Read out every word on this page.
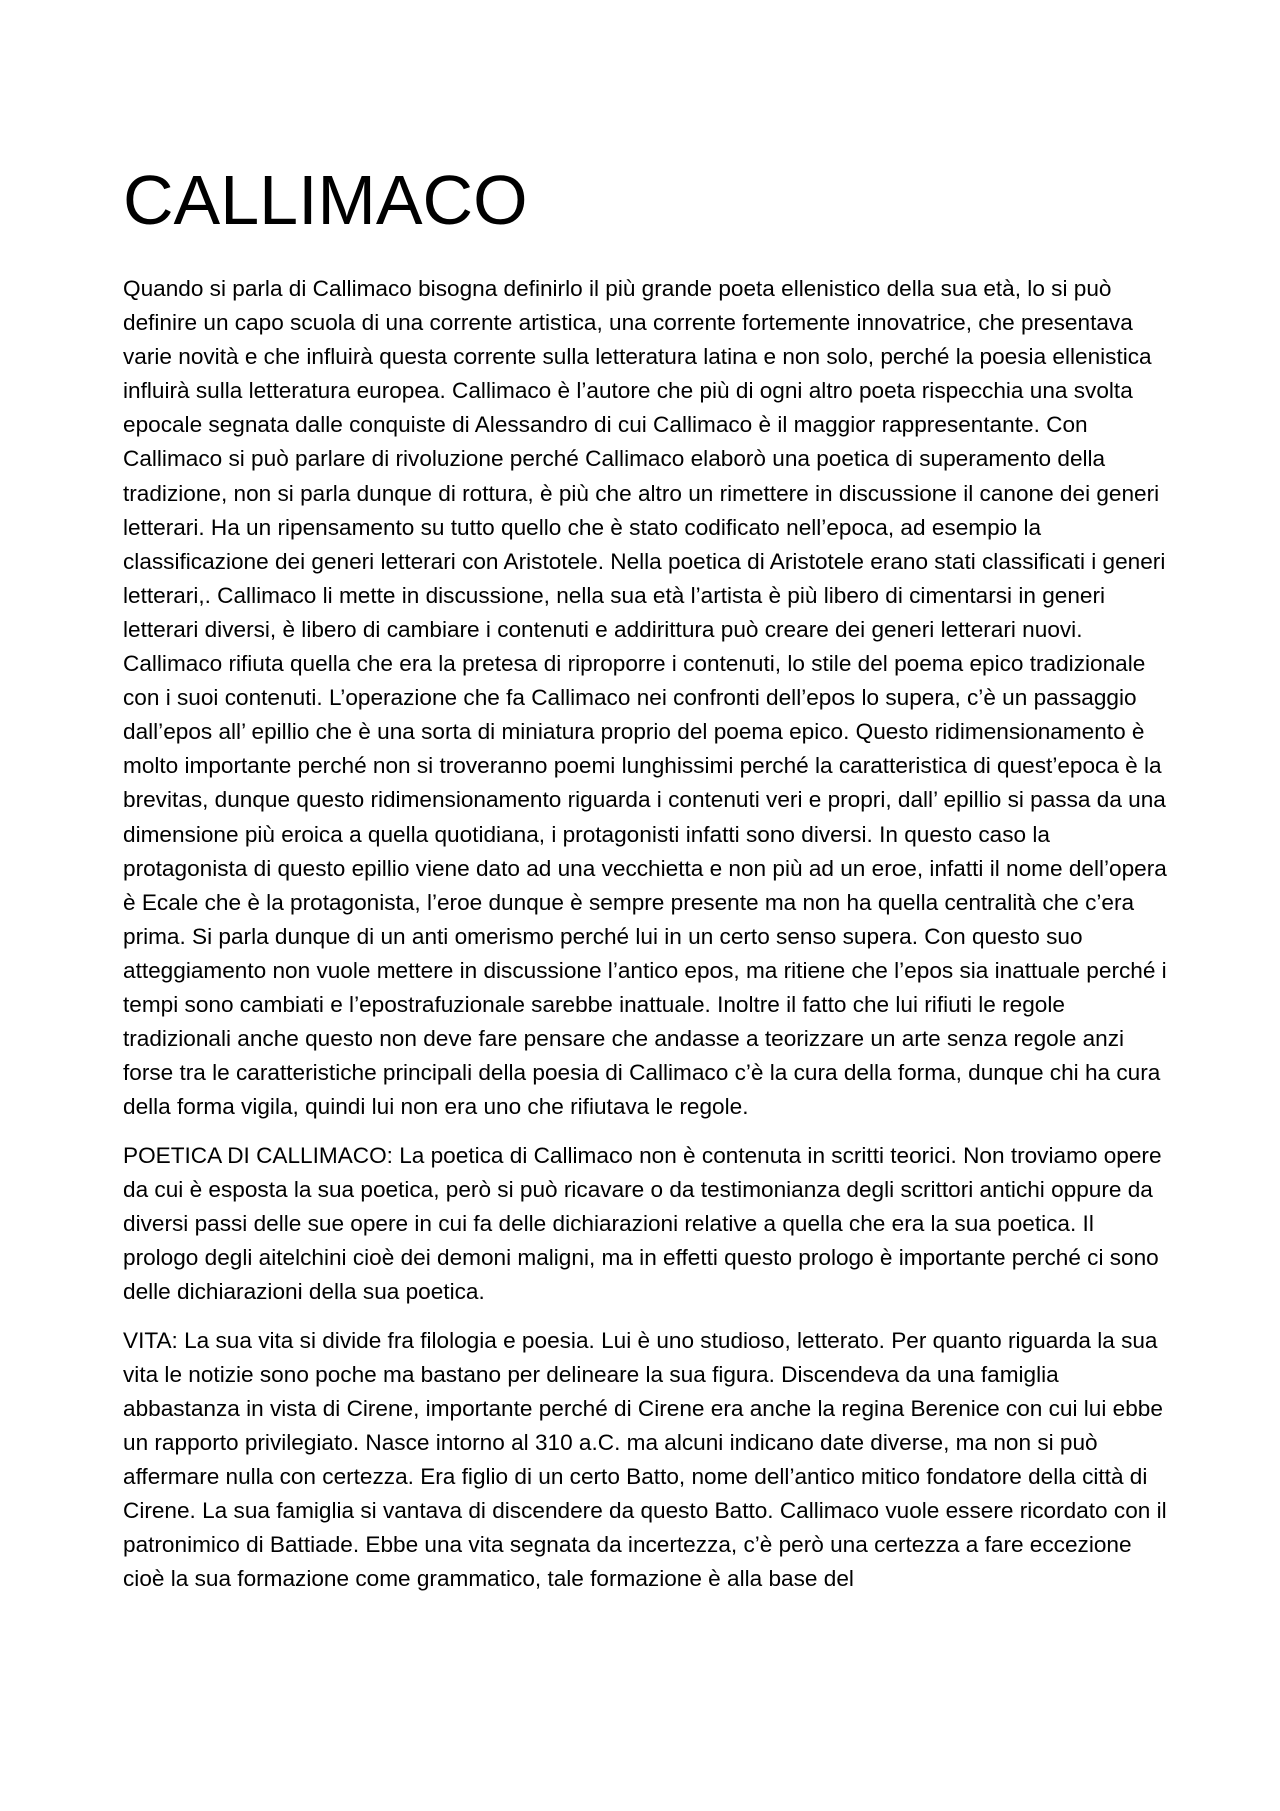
CALLIMACO

Quando si parla di Callimaco bisogna definirlo il più grande poeta ellenistico della sua età, lo si può definire un capo scuola di una corrente artistica, una corrente fortemente innovatrice, che presentava varie novità e che influirà questa corrente sulla letteratura latina e non solo, perché la poesia ellenistica influirà sulla letteratura europea. Callimaco è l’autore che più di ogni altro poeta rispecchia una svolta epocale segnata dalle conquiste di Alessandro di cui Callimaco è il maggior rappresentante. Con Callimaco si può parlare di rivoluzione perché Callimaco elaborò una poetica di superamento della tradizione, non si parla dunque di rottura, è più che altro un rimettere in discussione il canone dei generi letterari. Ha un ripensamento su tutto quello che è stato codificato nell’epoca, ad esempio la classificazione dei generi letterari con Aristotele. Nella poetica di Aristotele erano stati classificati i generi letterari,. Callimaco li mette in discussione, nella sua età l’artista è più libero di cimentarsi in generi letterari diversi, è libero di cambiare i contenuti e addirittura può creare dei generi letterari nuovi. Callimaco rifiuta quella che era la pretesa di riproporre i contenuti, lo stile del poema epico tradizionale con i suoi contenuti. L’operazione che fa Callimaco nei confronti dell’epos lo supera, c’è un passaggio dall’epos all’ epillio che è una sorta di miniatura proprio del poema epico. Questo ridimensionamento è molto importante perché non si troveranno poemi lunghissimi perché la caratteristica di quest’epoca è la brevitas, dunque questo ridimensionamento riguarda i contenuti veri e propri, dall’ epillio si passa da una dimensione più eroica a quella quotidiana, i protagonisti infatti sono diversi. In questo caso la protagonista di questo epillio viene dato ad una vecchietta e non più ad un eroe, infatti il nome dell’opera è Ecale che è la protagonista, l’eroe dunque è sempre presente ma non ha quella centralità che c’era prima. Si parla dunque di un anti omerismo perché lui in un certo senso supera. Con questo suo atteggiamento non vuole mettere in discussione l’antico epos, ma ritiene che l’epos sia inattuale perché i tempi sono cambiati e l’epostrafuzionale sarebbe inattuale. Inoltre il fatto che lui rifiuti le regole tradizionali anche questo non deve fare pensare che andasse a teorizzare un arte senza regole anzi forse tra le caratteristiche principali della poesia di Callimaco c’è la cura della forma, dunque chi ha cura della forma vigila, quindi lui non era uno che rifiutava le regole.

POETICA DI CALLIMACO: La poetica di Callimaco non è contenuta in scritti teorici. Non troviamo opere da cui è esposta la sua poetica, però si può ricavare o da testimonianza degli scrittori antichi oppure da diversi passi delle sue opere in cui fa delle dichiarazioni relative a quella che era la sua poetica. Il prologo degli aitelchini cioè dei demoni maligni, ma in effetti questo prologo è importante perché ci sono delle dichiarazioni della sua poetica.

VITA: La sua vita si divide fra filologia e poesia. Lui è uno studioso, letterato. Per quanto riguarda la sua vita le notizie sono poche ma bastano per delineare la sua figura. Discendeva da una famiglia abbastanza in vista di Cirene, importante perché di Cirene era anche la regina Berenice con cui lui ebbe un rapporto privilegiato. Nasce intorno al 310 a.C. ma alcuni indicano date diverse, ma non si può affermare nulla con certezza. Era figlio di un certo Batto, nome dell’antico mitico fondatore della città di Cirene. La sua famiglia si vantava di discendere da questo Batto. Callimaco vuole essere ricordato con il patronimico di Battiade. Ebbe una vita segnata da incertezza, c’è però una certezza a fare eccezione cioè la sua formazione come grammatico, tale formazione è alla base del
